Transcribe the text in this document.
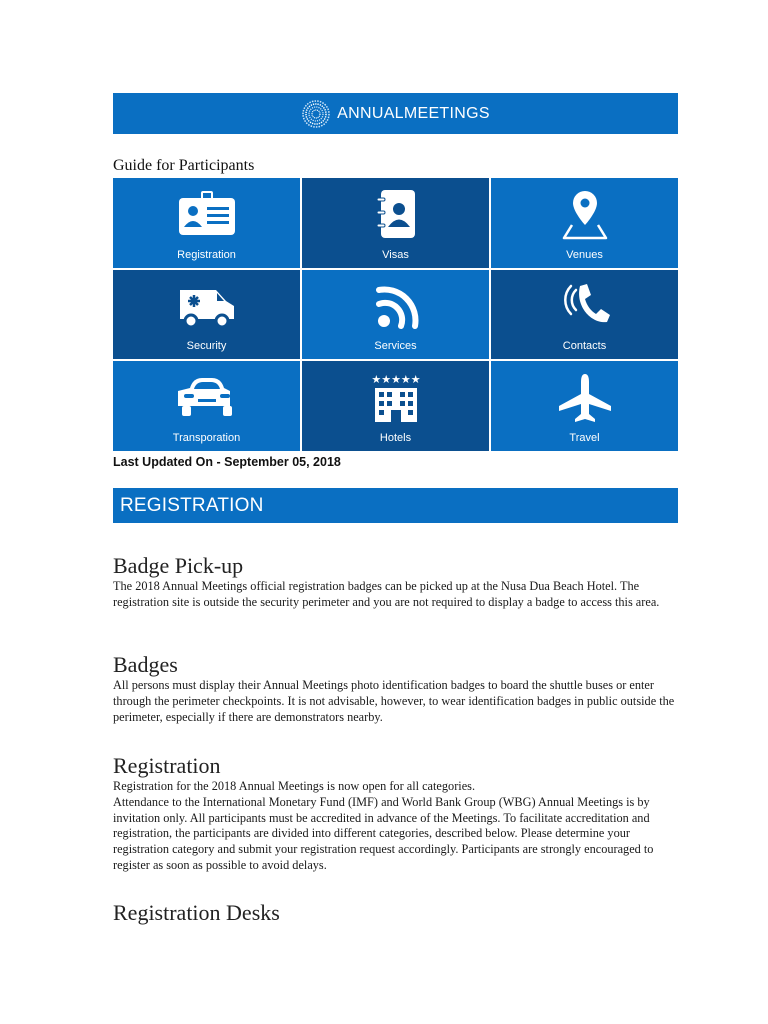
ANNUALMEETINGS
Guide for Participants
Registration	Visas	Venues
Security	Services	Contacts
Transporation
★★★★★
Hotels	Travel
Last Updated On - September 05, 2018
REGISTRATION
Badge Pick-up

The 2018 Annual Meetings official registration badges can be picked up at the Nusa Dua Beach Hotel. The registration site is outside the security perimeter and you are not required to display a badge to access this area.

Badges

All persons must display their Annual Meetings photo identification badges to board the shuttle buses or enter through the perimeter checkpoints. It is not advisable, however, to wear identification badges in public outside the perimeter, especially if there are demonstrators nearby.

Registration

Registration for the 2018 Annual Meetings is now open for all categories.

Attendance to the International Monetary Fund (IMF) and World Bank Group (WBG) Annual Meetings is by invitation only. All participants must be accredited in advance of the Meetings. To facilitate accreditation and registration, the participants are divided into different categories, described below. Please determine your registration category and submit your registration request accordingly. Participants are strongly encouraged to register as soon as possible to avoid delays.

Registration Desks
